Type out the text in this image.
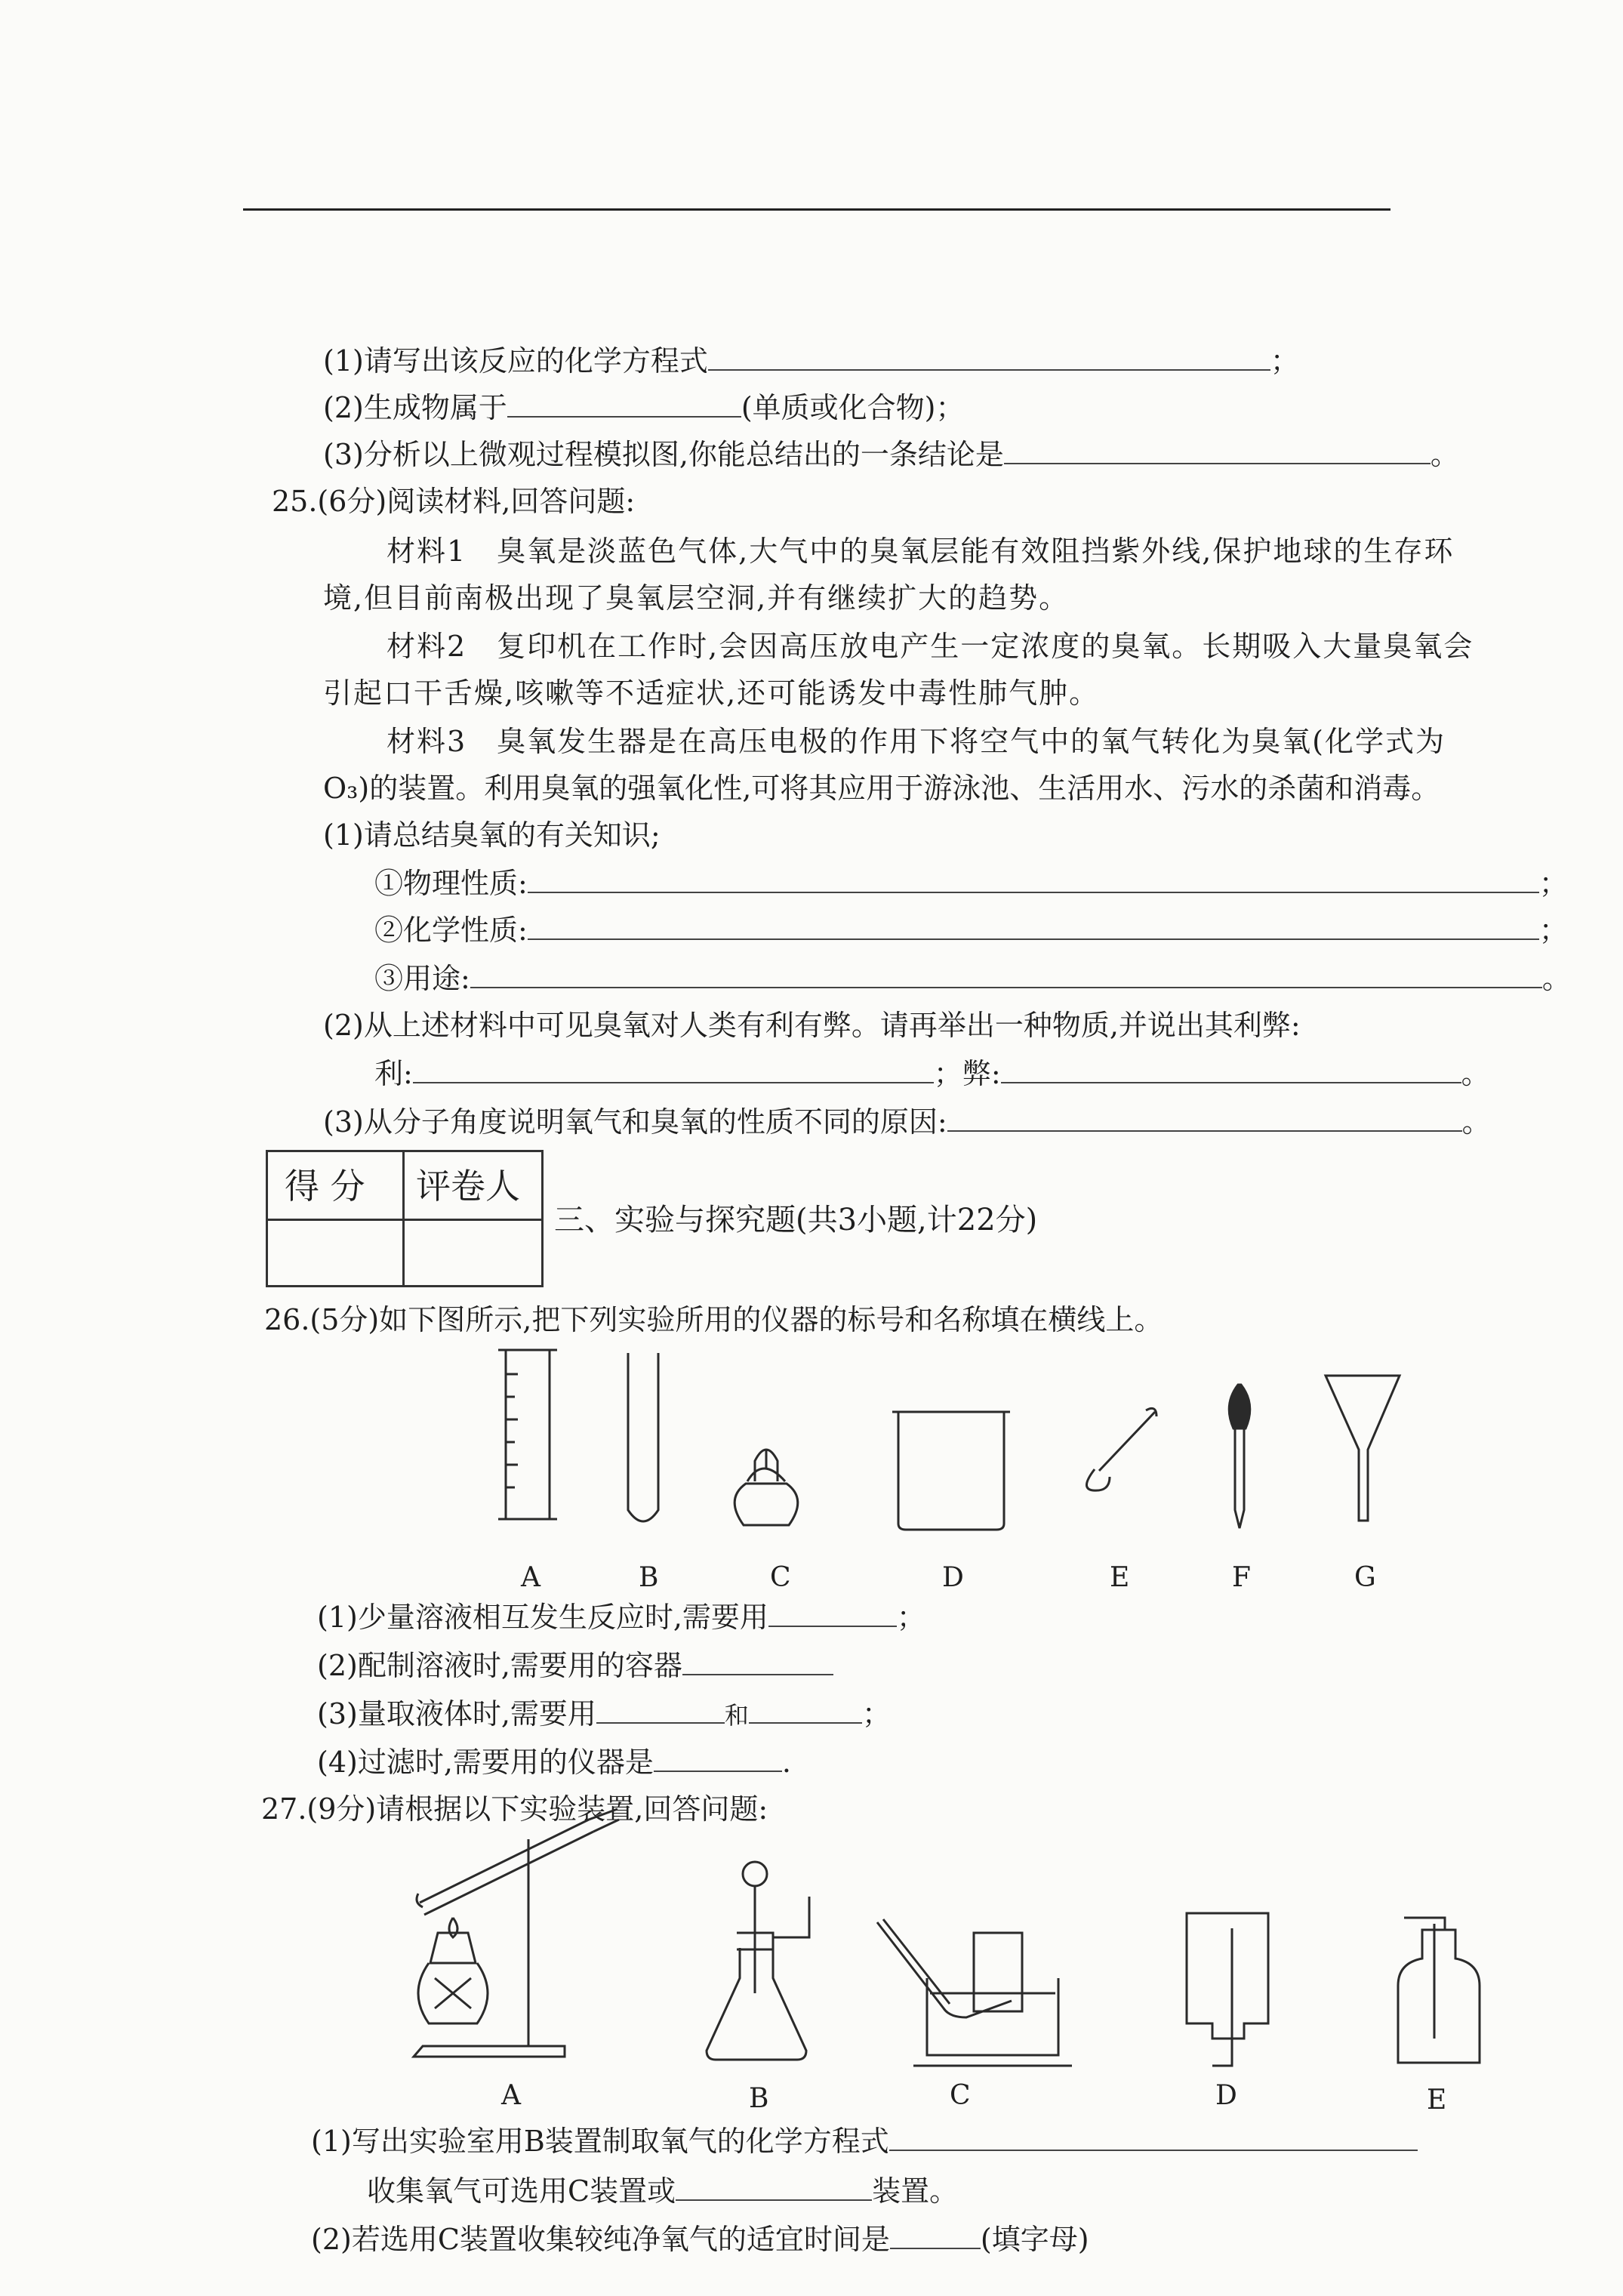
(1)请写出该反应的化学方程式	；
(2)生成物属于	(单质或化合物)；
(3)分析以上微观过程模拟图,你能总结出的一条结论是	。
25.(6分)阅读材料,回答问题:
材料1　臭氧是淡蓝色气体,大气中的臭氧层能有效阻挡紫外线,保护地球的生存环
境,但目前南极出现了臭氧层空洞,并有继续扩大的趋势。
材料2　复印机在工作时,会因高压放电产生一定浓度的臭氧。长期吸入大量臭氧会
引起口干舌燥,咳嗽等不适症状,还可能诱发中毒性肺气肿。
材料3　臭氧发生器是在高压电极的作用下将空气中的氧气转化为臭氧(化学式为
O₃)的装置。利用臭氧的强氧化性,可将其应用于游泳池、生活用水、污水的杀菌和消毒。
(1)请总结臭氧的有关知识;
①物理性质:	；
②化学性质:	；
③用途:	。
(2)从上述材料中可见臭氧对人类有利有弊。请再举出一种物质,并说出其利弊:
利:	；弊:	。
(3)从分子角度说明氧气和臭氧的性质不同的原因:	。
得 分 评卷人
三、实验与探究题(共3小题,计22分)
26.(5分)如下图所示,把下列实验所用的仪器的标号和名称填在横线上。
A	B	C	D	E	F	G
(1)少量溶液相互发生反应时,需要用	；
(2)配制溶液时,需要用的容器
(3)量取液体时,需要用	和	；
(4)过滤时,需要用的仪器是	.
27.(9分)请根据以下实验装置,回答问题:
A	B	C	D	E
(1)写出实验室用B装置制取氧气的化学方程式
收集氧气可选用C装置或	装置。
(2)若选用C装置收集较纯净氧气的适宜时间是	(填字母)
